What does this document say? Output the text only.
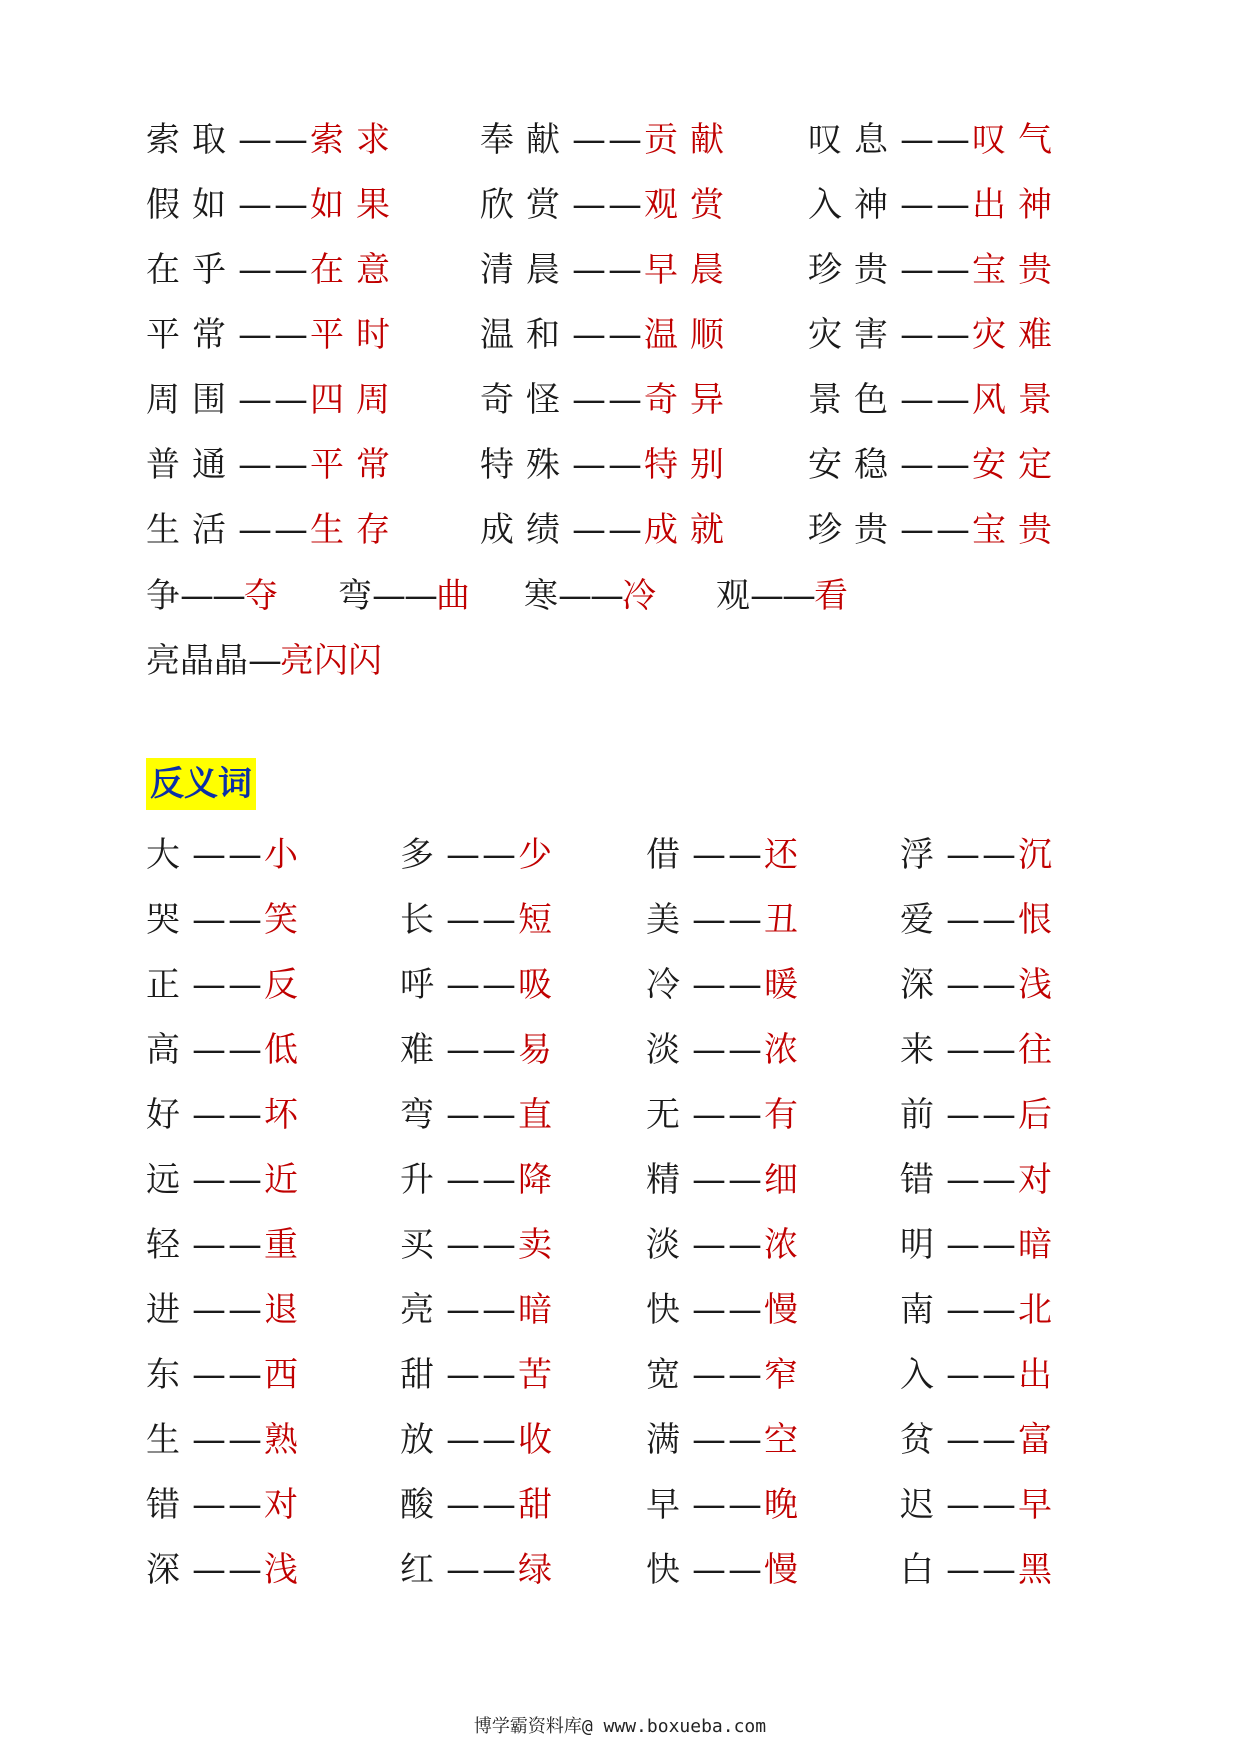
索取——索求 奉献——贡献 叹息——叹气
假如——如果 欣赏——观赏 入神——出神
在乎——在意 清晨——早晨 珍贵——宝贵
平常——平时 温和——温顺 灾害——灾难
周围——四周 奇怪——奇异 景色——风景
普通——平常 特殊——特别 安稳——安定
生活——生存 成绩——成就 珍贵——宝贵
争——夺 弯——曲 寒——冷 观——看
亮晶晶—亮闪闪
反义词
大——小	多——少 借——还	浮——沉
哭——笑	长——短 美——丑	爱——恨
正——反	呼——吸 冷——暖	深——浅
高——低	难——易 淡——浓	来——往
好——坏	弯——直 无——有	前——后
远——近	升——降 精——细	错——对
轻——重	买——卖 淡——浓	明——暗
进——退	亮——暗 快——慢	南——北
东——西	甜——苦 宽——窄	入——出
生——熟	放——收 满——空	贫——富
错——对	酸——甜 早——晚	迟——早
深——浅	红——绿 快——慢	白——黑
博学霸资料库@ www.boxueba.com
